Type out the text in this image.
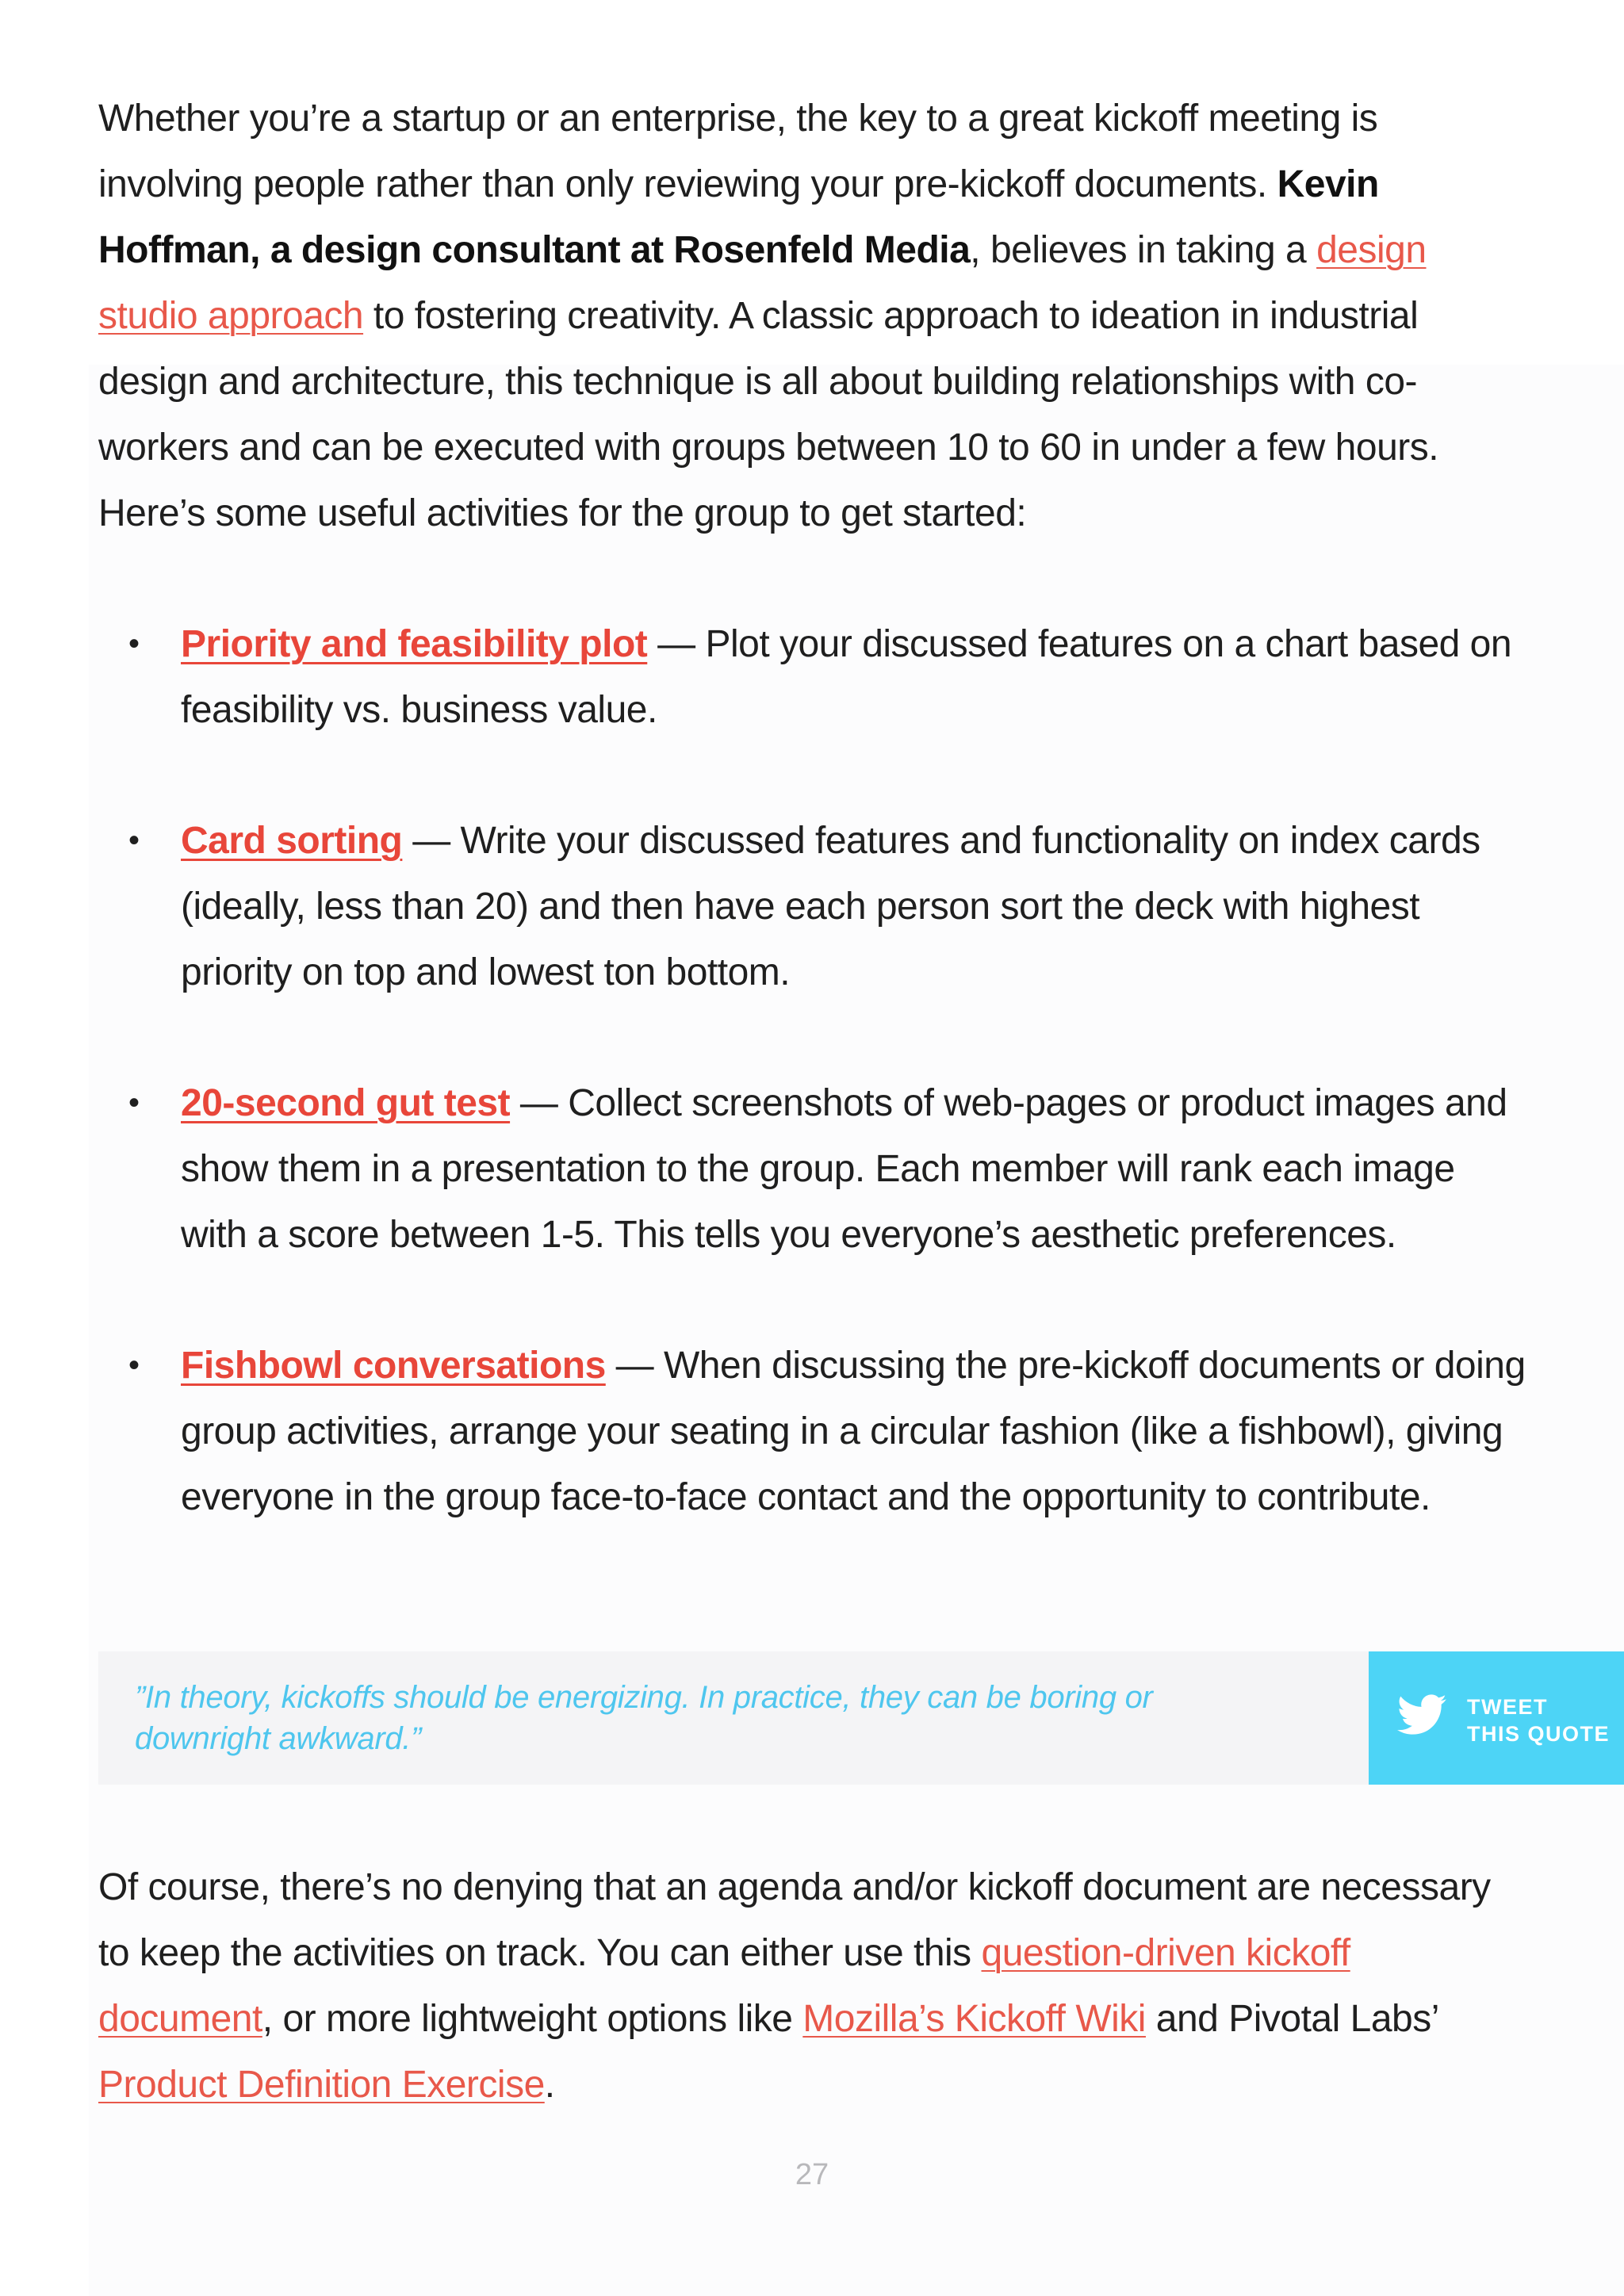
Whether you’re a startup or an enterprise, the key to a great kickoff meeting is involving people rather than only reviewing your pre-kickoff documents. Kevin Hoffman, a design consultant at Rosenfeld Media, believes in taking a design studio approach to fostering creativity. A classic approach to ideation in industrial design and architecture, this technique is all about building relationships with co-workers and can be executed with groups between 10 to 60 in under a few hours. Here’s some useful activities for the group to get started:

• Priority and feasibility plot — Plot your discussed features on a chart based on feasibility vs. business value.
• Card sorting — Write your discussed features and functionality on index cards (ideally, less than 20) and then have each person sort the deck with highest priority on top and lowest ton bottom.
• 20-second gut test — Collect screenshots of web-pages or product images and show them in a presentation to the group. Each member will rank each image with a score between 1-5. This tells you everyone’s aesthetic preferences.
• Fishbowl conversations — When discussing the pre-kickoff documents or doing group activities, arrange your seating in a circular fashion (like a fishbowl), giving everyone in the group face-to-face contact and the opportunity to contribute.
”In theory, kickoffs should be energizing. In practice, they can be boring or downright awkward.”
TWEET
THIS QUOTE

Of course, there’s no denying that an agenda and/or kickoff document are necessary to keep the activities on track. You can either use this question-driven kickoff document, or more lightweight options like Mozilla’s Kickoff Wiki and Pivotal Labs’ Product Definition Exercise.

27
